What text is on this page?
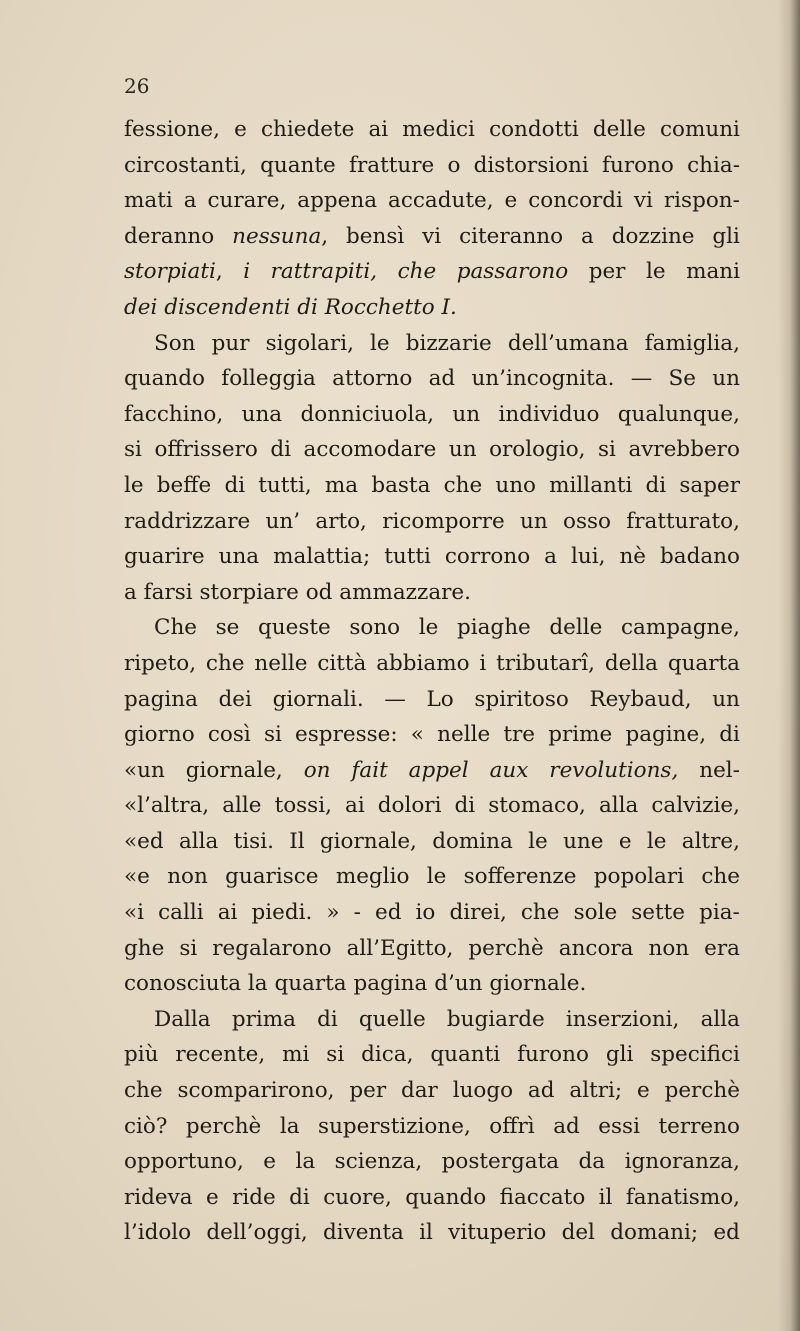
26
fessione, e chiedete ai medici condotti delle comuni
circostanti, quante fratture o distorsioni furono chia-
mati a curare, appena accadute, e concordi vi rispon-
deranno nessuna, bensì vi citeranno a dozzine gli
storpiati, i rattrapiti, che passarono per le mani
dei
discendenti
di
Rocchetto
I.

Son pur sigolari, le bizzarie dell’umana famiglia,
quando folleggia attorno ad un’incognita. — Se un
facchino, una donniciuola, un individuo qualunque,
si offrissero di accomodare un orologio, si avrebbero
le beffe di tutti, ma basta che uno millanti di saper
raddrizzare un’ arto, ricomporre un osso fratturato,
guarire una malattia; tutti corrono a lui, nè badano
a
farsi
storpiare
od
ammazzare.

Che se queste sono le piaghe delle campagne,
ripeto, che nelle città abbiamo i tributarî, della quarta
pagina dei giornali. — Lo spiritoso Reybaud, un
giorno così si espresse: « nelle tre prime pagine, di
«un giornale, on fait appel aux revolutions, nel-
«l’altra, alle tossi, ai dolori di stomaco, alla calvizie,
«ed alla tisi. Il giornale, domina le une e le altre,
«e non guarisce meglio le sofferenze popolari che
«i calli ai piedi. » - ed io direi, che sole sette pia-
ghe si regalarono all’Egitto, perchè ancora non era
conosciuta
la
quarta
pagina
d’un
giornale.

Dalla prima di quelle bugiarde inserzioni, alla
più recente, mi si dica, quanti furono gli specifici
che scomparirono, per dar luogo ad altri; e perchè
ciò? perchè la superstizione, offrì ad essi terreno
opportuno, e la scienza, postergata da ignoranza,
rideva e ride di cuore, quando fiaccato il fanatismo,
l’idolo dell’oggi, diventa il vituperio del domani; ed
